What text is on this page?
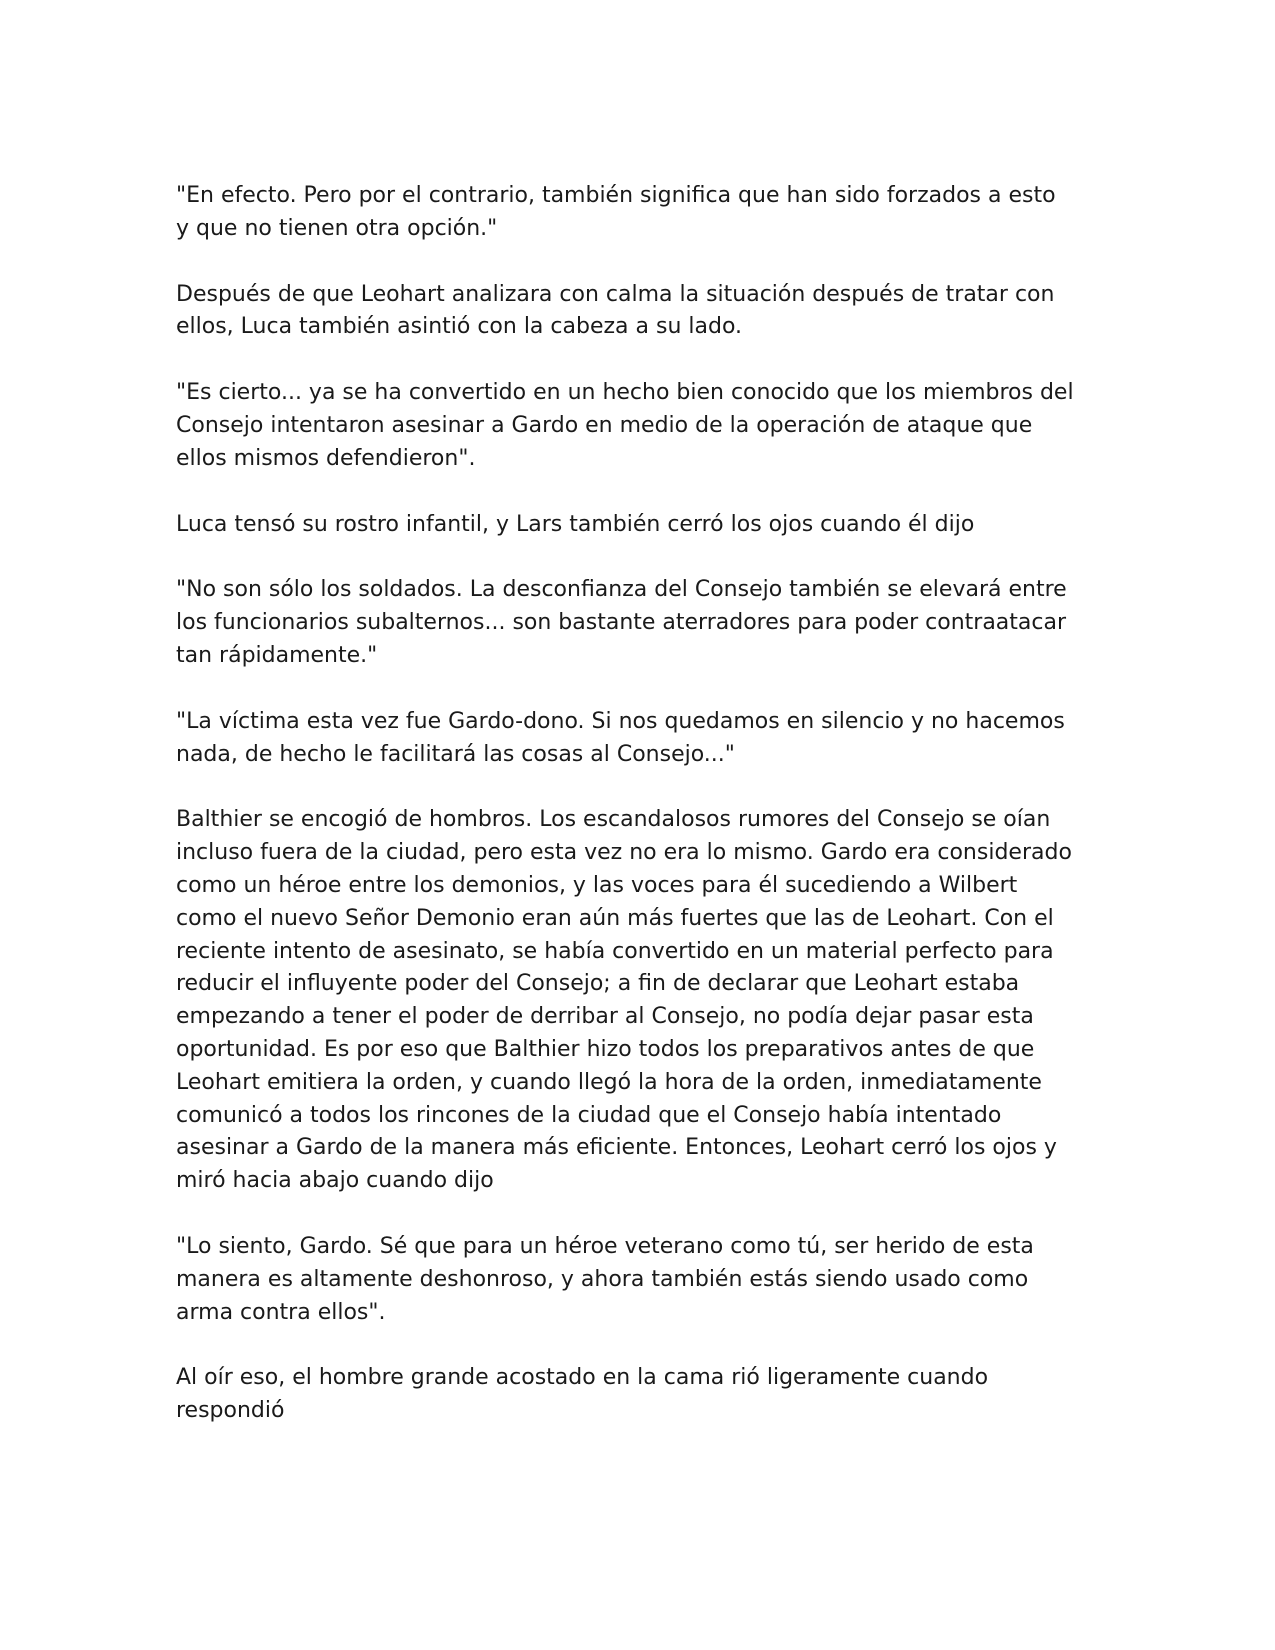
"En efecto. Pero por el contrario, también significa que han sido forzados a esto y que no tienen otra opción."

Después de que Leohart analizara con calma la situación después de tratar con ellos, Luca también asintió con la cabeza a su lado.

"Es cierto... ya se ha convertido en un hecho bien conocido que los miembros del Consejo intentaron asesinar a Gardo en medio de la operación de ataque que ellos mismos defendieron".

Luca tensó su rostro infantil, y Lars también cerró los ojos cuando él dijo

"No son sólo los soldados. La desconfianza del Consejo también se elevará entre los funcionarios subalternos... son bastante aterradores para poder contraatacar tan rápidamente."

"La víctima esta vez fue Gardo-dono. Si nos quedamos en silencio y no hacemos nada, de hecho le facilitará las cosas al Consejo..."

Balthier se encogió de hombros. Los escandalosos rumores del Consejo se oían incluso fuera de la ciudad, pero esta vez no era lo mismo. Gardo era considerado como un héroe entre los demonios, y las voces para él sucediendo a Wilbert como el nuevo Señor Demonio eran aún más fuertes que las de Leohart. Con el reciente intento de asesinato, se había convertido en un material perfecto para reducir el influyente poder del Consejo; a fin de declarar que Leohart estaba empezando a tener el poder de derribar al Consejo, no podía dejar pasar esta oportunidad. Es por eso que Balthier hizo todos los preparativos antes de que Leohart emitiera la orden, y cuando llegó la hora de la orden, inmediatamente comunicó a todos los rincones de la ciudad que el Consejo había intentado asesinar a Gardo de la manera más eficiente. Entonces, Leohart cerró los ojos y miró hacia abajo cuando dijo

"Lo siento, Gardo. Sé que para un héroe veterano como tú, ser herido de esta manera es altamente deshonroso, y ahora también estás siendo usado como arma contra ellos".

Al oír eso, el hombre grande acostado en la cama rió ligeramente cuando respondió
